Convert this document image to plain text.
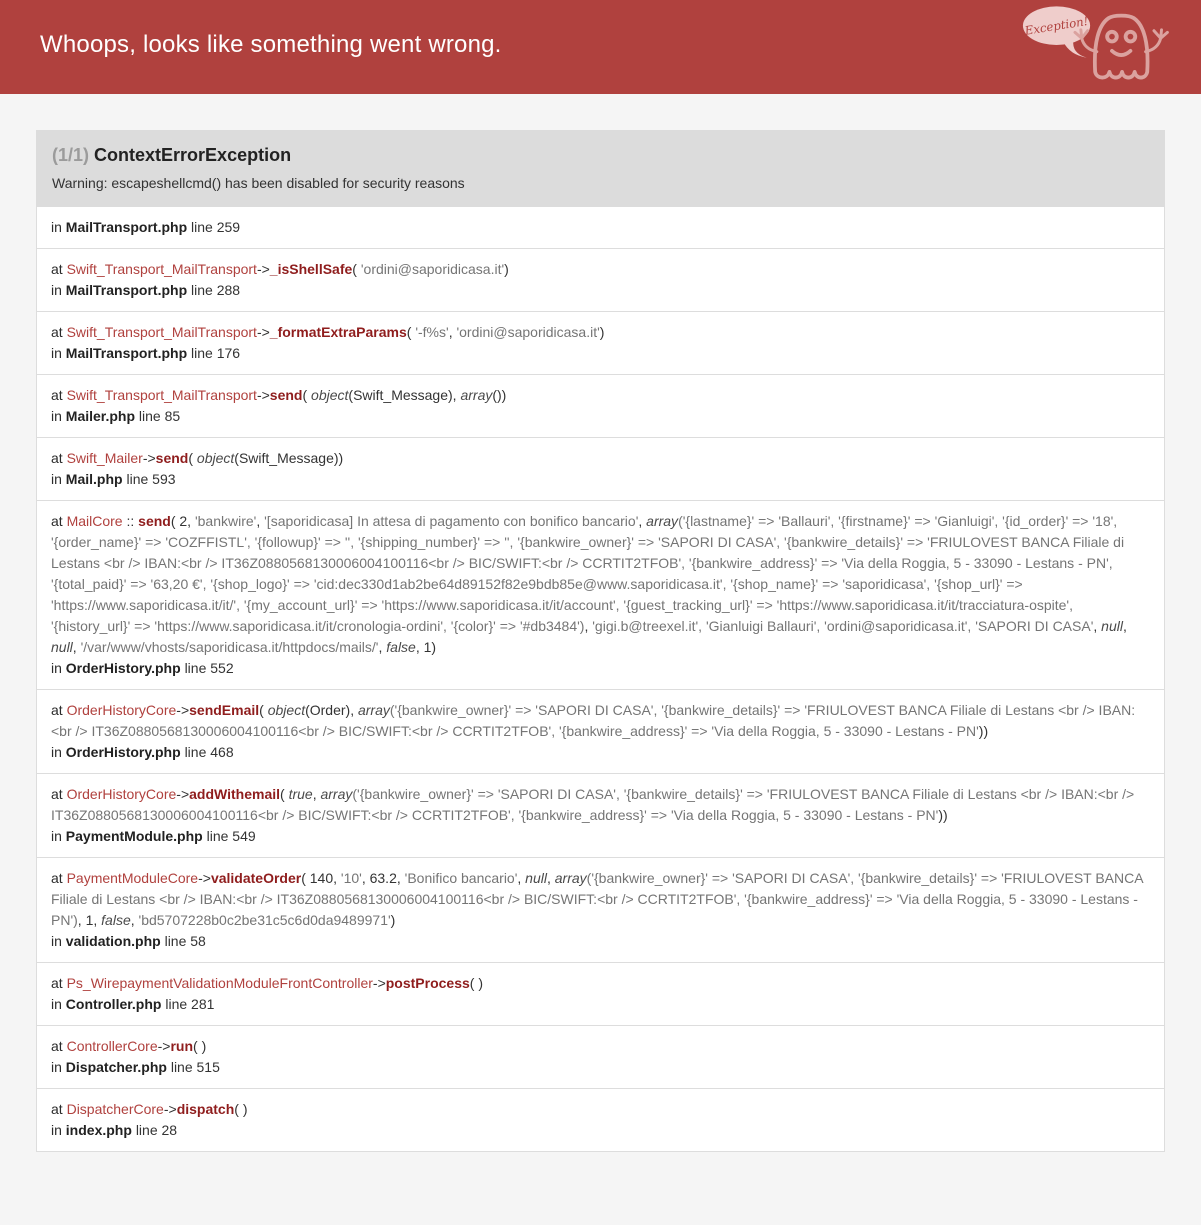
Whoops, looks like something went wrong.
Exception!
(1/1) ContextErrorException

Warning: escapeshellcmd() has been disabled for security reasons

in MailTransport.php line 259
at Swift_Transport_MailTransport->_isShellSafe( 'ordini@saporidicasa.it')
in MailTransport.php line 288
at Swift_Transport_MailTransport->_formatExtraParams( '-f%s', 'ordini@saporidicasa.it')
in MailTransport.php line 176
at Swift_Transport_MailTransport->send( object(Swift_Message), array())
in Mailer.php line 85
at Swift_Mailer->send( object(Swift_Message))
in Mail.php line 593
at MailCore :: send( 2, 'bankwire', '[saporidicasa] In attesa di pagamento con bonifico bancario', array('{lastname}' => 'Ballauri', '{firstname}' => 'Gianluigi', '{id_order}' => '18', '{order_name}' => 'COZFFISTL', '{followup}' => '', '{shipping_number}' => '', '{bankwire_owner}' => 'SAPORI DI CASA', '{bankwire_details}' => 'FRIULOVEST BANCA Filiale di Lestans <br /> IBAN:<br /> IT36Z0880568130006004100116<br /> BIC/SWIFT:<br /> CCRTIT2TFOB', '{bankwire_address}' => 'Via della Roggia, 5 - 33090 - Lestans - PN', '{total_paid}' => '63,20 €', '{shop_logo}' => 'cid:dec330d1ab2be64d89152f82e9bdb85e@www.saporidicasa.it', '{shop_name}' => 'saporidicasa', '{shop_url}' => 'https://www.saporidicasa.it/it/', '{my_account_url}' => 'https://www.saporidicasa.it/it/account', '{guest_tracking_url}' => 'https://www.saporidicasa.it/it/tracciatura-ospite', '{history_url}' => 'https://www.saporidicasa.it/it/cronologia-ordini', '{color}' => '#db3484'), 'gigi.b@treexel.it', 'Gianluigi Ballauri', 'ordini@saporidicasa.it', 'SAPORI DI CASA', null, null, '/var/www/vhosts/saporidicasa.it/httpdocs/mails/', false, 1)
in OrderHistory.php line 552
at OrderHistoryCore->sendEmail( object(Order), array('{bankwire_owner}' => 'SAPORI DI CASA', '{bankwire_details}' => 'FRIULOVEST BANCA Filiale di Lestans <br /> IBAN:<br /> IT36Z0880568130006004100116<br /> BIC/SWIFT:<br /> CCRTIT2TFOB', '{bankwire_address}' => 'Via della Roggia, 5 - 33090 - Lestans - PN'))
in OrderHistory.php line 468
at OrderHistoryCore->addWithemail( true, array('{bankwire_owner}' => 'SAPORI DI CASA', '{bankwire_details}' => 'FRIULOVEST BANCA Filiale di Lestans <br /> IBAN:<br /> IT36Z0880568130006004100116<br /> BIC/SWIFT:<br /> CCRTIT2TFOB', '{bankwire_address}' => 'Via della Roggia, 5 - 33090 - Lestans - PN'))
in PaymentModule.php line 549
at PaymentModuleCore->validateOrder( 140, '10', 63.2, 'Bonifico bancario', null, array('{bankwire_owner}' => 'SAPORI DI CASA', '{bankwire_details}' => 'FRIULOVEST BANCA Filiale di Lestans <br /> IBAN:<br /> IT36Z0880568130006004100116<br /> BIC/SWIFT:<br /> CCRTIT2TFOB', '{bankwire_address}' => 'Via della Roggia, 5 - 33090 - Lestans - PN'), 1, false, 'bd5707228b0c2be31c5c6d0da9489971')
in validation.php line 58
at Ps_WirepaymentValidationModuleFrontController->postProcess( )
in Controller.php line 281
at ControllerCore->run( )
in Dispatcher.php line 515
at DispatcherCore->dispatch( )
in index.php line 28
